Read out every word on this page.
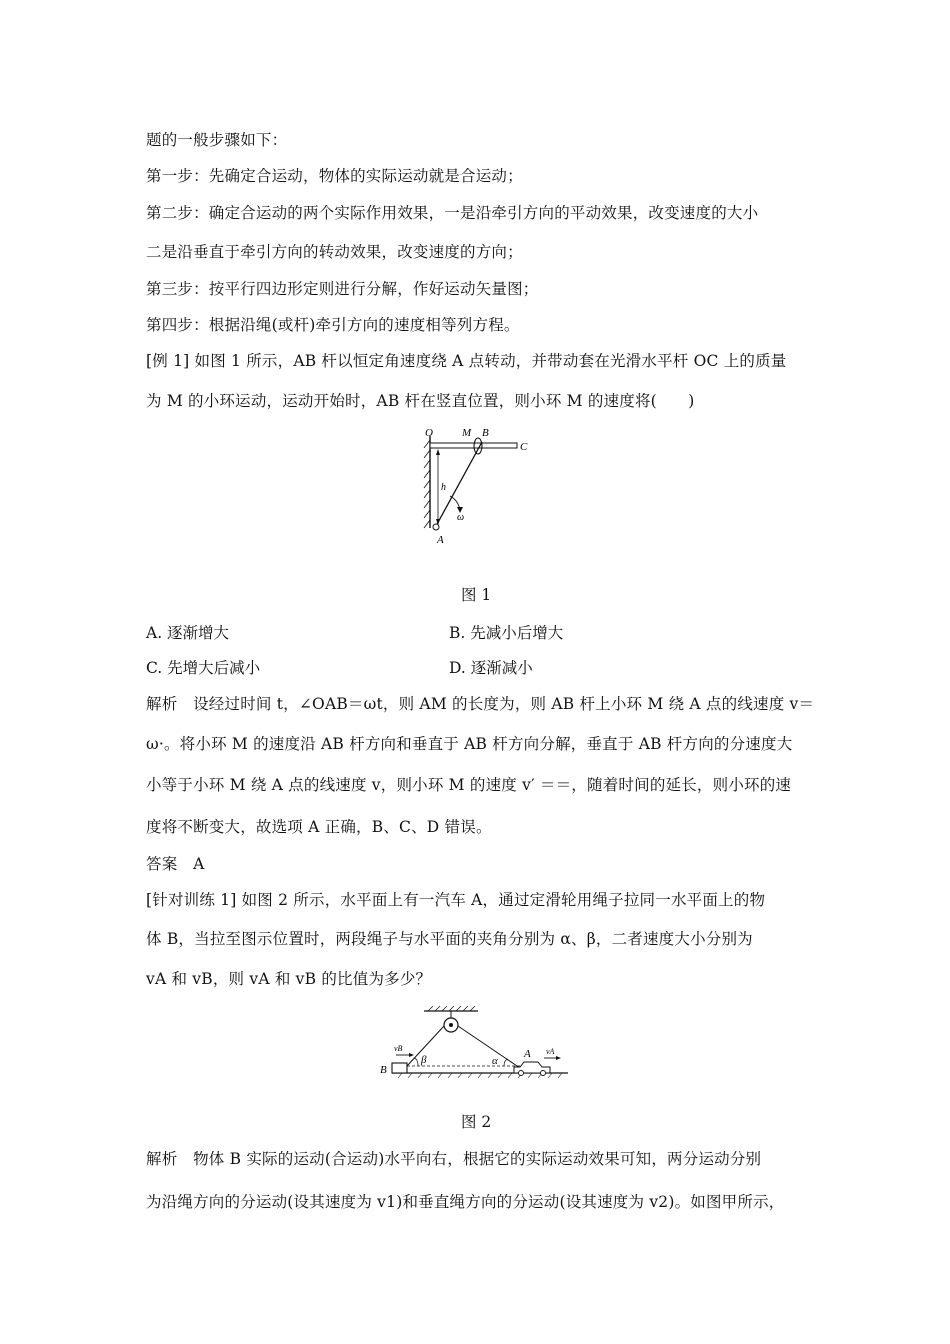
题的一般步骤如下：
第一步：先确定合运动，物体的实际运动就是合运动；
第二步：确定合运动的两个实际作用效果，一是沿牵引方向的平动效果，改变速度的大小
二是沿垂直于牵引方向的转动效果，改变速度的方向；
第三步：按平行四边形定则进行分解，作好运动矢量图；
第四步：根据沿绳(或杆)牵引方向的速度相等列方程。
[例 1] 如图 1 所示，AB 杆以恒定角速度绕 A 点转动，并带动套在光滑水平杆 OC 上的质量
为 M 的小环运动，运动开始时，AB 杆在竖直位置，则小环 M 的速度将(　　)
O	M B
C
h
ω
A
图 1
A. 逐渐增大	B. 先减小后增大
C. 先增大后减小	D. 逐渐减小
解析　设经过时间 t，∠OAB＝ωt，则 AM 的长度为，则 AB 杆上小环 M 绕 A 点的线速度 v＝
ω·。将小环 M 的速度沿 AB 杆方向和垂直于 AB 杆方向分解，垂直于 AB 杆方向的分速度大
小等于小环 M 绕 A 点的线速度 v，则小环 M 的速度 v′ ＝＝，随着时间的延长，则小环的速
度将不断变大，故选项 A 正确，B、C、D 错误。
答案　A
[针对训练 1] 如图 2 所示，水平面上有一汽车 A，通过定滑轮用绳子拉同一水平面上的物
体 B，当拉至图示位置时，两段绳子与水平面的夹角分别为 α、β，二者速度大小分别为
vA 和 vB，则 vA 和 vB 的比值为多少？
B
vB
β	α
A vA
图 2
解析　物体 B 实际的运动(合运动)水平向右，根据它的实际运动效果可知，两分运动分别
为沿绳方向的分运动(设其速度为 v1)和垂直绳方向的分运动(设其速度为 v2)。如图甲所示，
